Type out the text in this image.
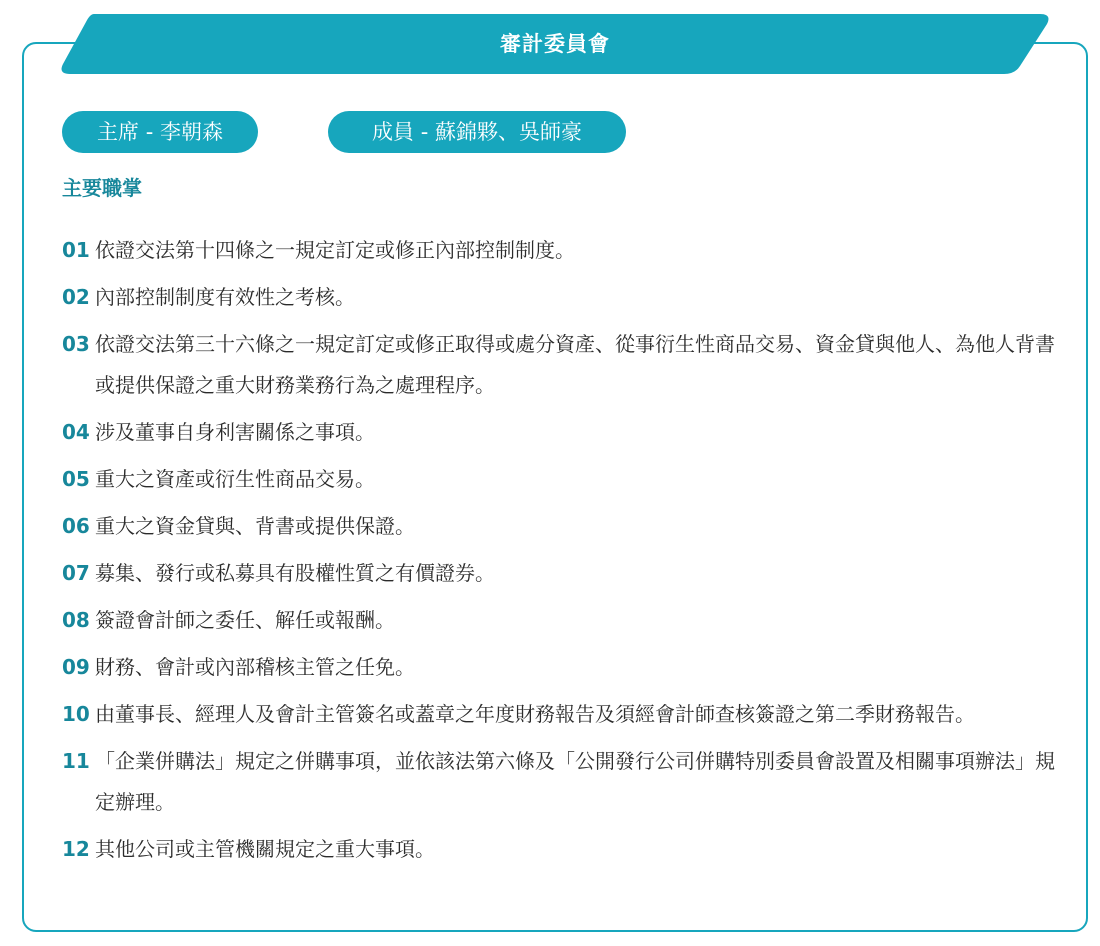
審計委員會
主席 - 李朝森	成員 - 蘇錦夥、吳師豪
主要職掌
01 依證交法第十四條之一規定訂定或修正內部控制制度。
02 內部控制制度有效性之考核。
03 依證交法第三十六條之一規定訂定或修正取得或處分資產、從事衍生性商品交易、資金貸與他人、為他人背書或提供保證之重大財務業務行為之處理程序。
04 涉及董事自身利害關係之事項。
05 重大之資產或衍生性商品交易。
06 重大之資金貸與、背書或提供保證。
07 募集、發行或私募具有股權性質之有價證券。
08 簽證會計師之委任、解任或報酬。
09 財務、會計或內部稽核主管之任免。
10 由董事長、經理人及會計主管簽名或蓋章之年度財務報告及須經會計師查核簽證之第二季財務報告。
11 「企業併購法」規定之併購事項，並依該法第六條及「公開發行公司併購特別委員會設置及相關事項辦法」規定辦理。
12 其他公司或主管機關規定之重大事項。
